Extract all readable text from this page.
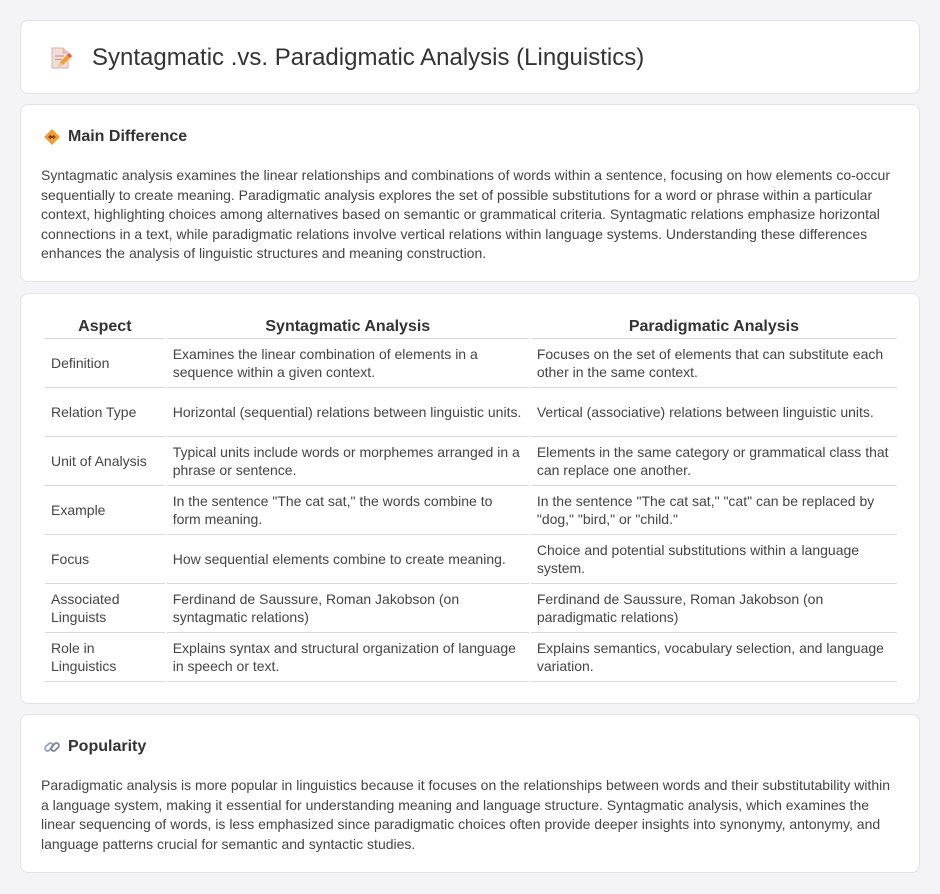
Syntagmatic .vs. Paradigmatic Analysis (Linguistics)
Main Difference
Syntagmatic analysis examines the linear relationships and combinations of words within a sentence, focusing on how elements co-occur sequentially to create meaning. Paradigmatic analysis explores the set of possible substitutions for a word or phrase within a particular context, highlighting choices among alternatives based on semantic or grammatical criteria. Syntagmatic relations emphasize horizontal connections in a text, while paradigmatic relations involve vertical relations within language systems. Understanding these differences enhances the analysis of linguistic structures and meaning construction.
Aspect	Syntagmatic Analysis	Paradigmatic Analysis
Definition	Examines the linear combination of elements in a sequence within a given context.	Focuses on the set of elements that can substitute each other in the same context.
Relation Type	Horizontal (sequential) relations between linguistic units.	Vertical (associative) relations between linguistic units.
Unit of Analysis	Typical units include words or morphemes arranged in a phrase or sentence.	Elements in the same category or grammatical class that can replace one another.
Example	In the sentence "The cat sat," the words combine to form meaning.	In the sentence "The cat sat," "cat" can be replaced by "dog," "bird," or "child."
Focus	How sequential elements combine to create meaning.	Choice and potential substitutions within a language system.
Associated Linguists	Ferdinand de Saussure, Roman Jakobson (on syntagmatic relations)	Ferdinand de Saussure, Roman Jakobson (on paradigmatic relations)
Role in Linguistics	Explains syntax and structural organization of language in speech or text.	Explains semantics, vocabulary selection, and language variation.
Popularity
Paradigmatic analysis is more popular in linguistics because it focuses on the relationships between words and their substitutability within a language system, making it essential for understanding meaning and language structure. Syntagmatic analysis, which examines the linear sequencing of words, is less emphasized since paradigmatic choices often provide deeper insights into synonymy, antonymy, and language patterns crucial for semantic and syntactic studies.
